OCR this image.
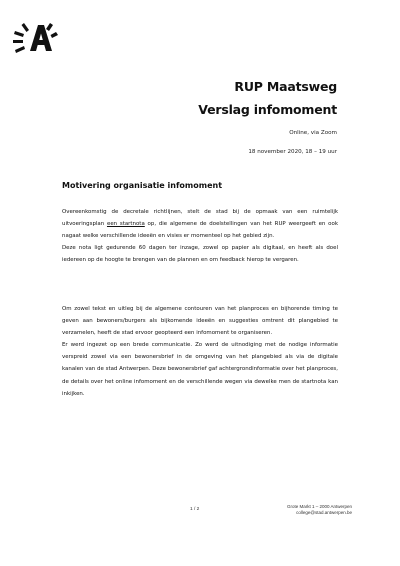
RUP Maatsweg

Verslag infomoment

Online, via Zoom
18 november 2020, 18 – 19 uur
Motivering organisatie infomoment

Overeenkomstig de decretale richtlijnen, stelt de stad bij de opmaak van een ruimtelijk uitvoeringsplan een startnota op, die algemene de doelstellingen van het RUP weergeeft en ook nagaat welke verschillende ideeën en visies er momenteel op het gebied zijn.

Deze nota ligt gedurende 60 dagen ter inzage, zowel op papier als digitaal, en heeft als doel iedereen op de hoogte te brengen van de plannen en om feedback hierop te vergaren.

Om zowel tekst en uitleg bij de algemene contouren van het planproces en bijhorende timing te geven aan bewoners/burgers als bijkomende ideeën en suggesties omtrent dit plangebied te verzamelen, heeft de stad ervoor geopteerd een infomoment te organiseren.

Er werd ingezet op een brede communicatie. Zo werd de uitnodiging met de nodige informatie verspreid zowel via een bewonersbrief in de omgeving van het plangebied als via de digitale kanalen van de stad Antwerpen. Deze bewonersbrief gaf achtergrondinformatie over het planproces, de details over het online infomoment en de verschillende wegen via dewelke men de startnota kan inkijken.

1 / 2
Grote Markt 1 – 2000 Antwerpen
college@stad.antwerpen.be
